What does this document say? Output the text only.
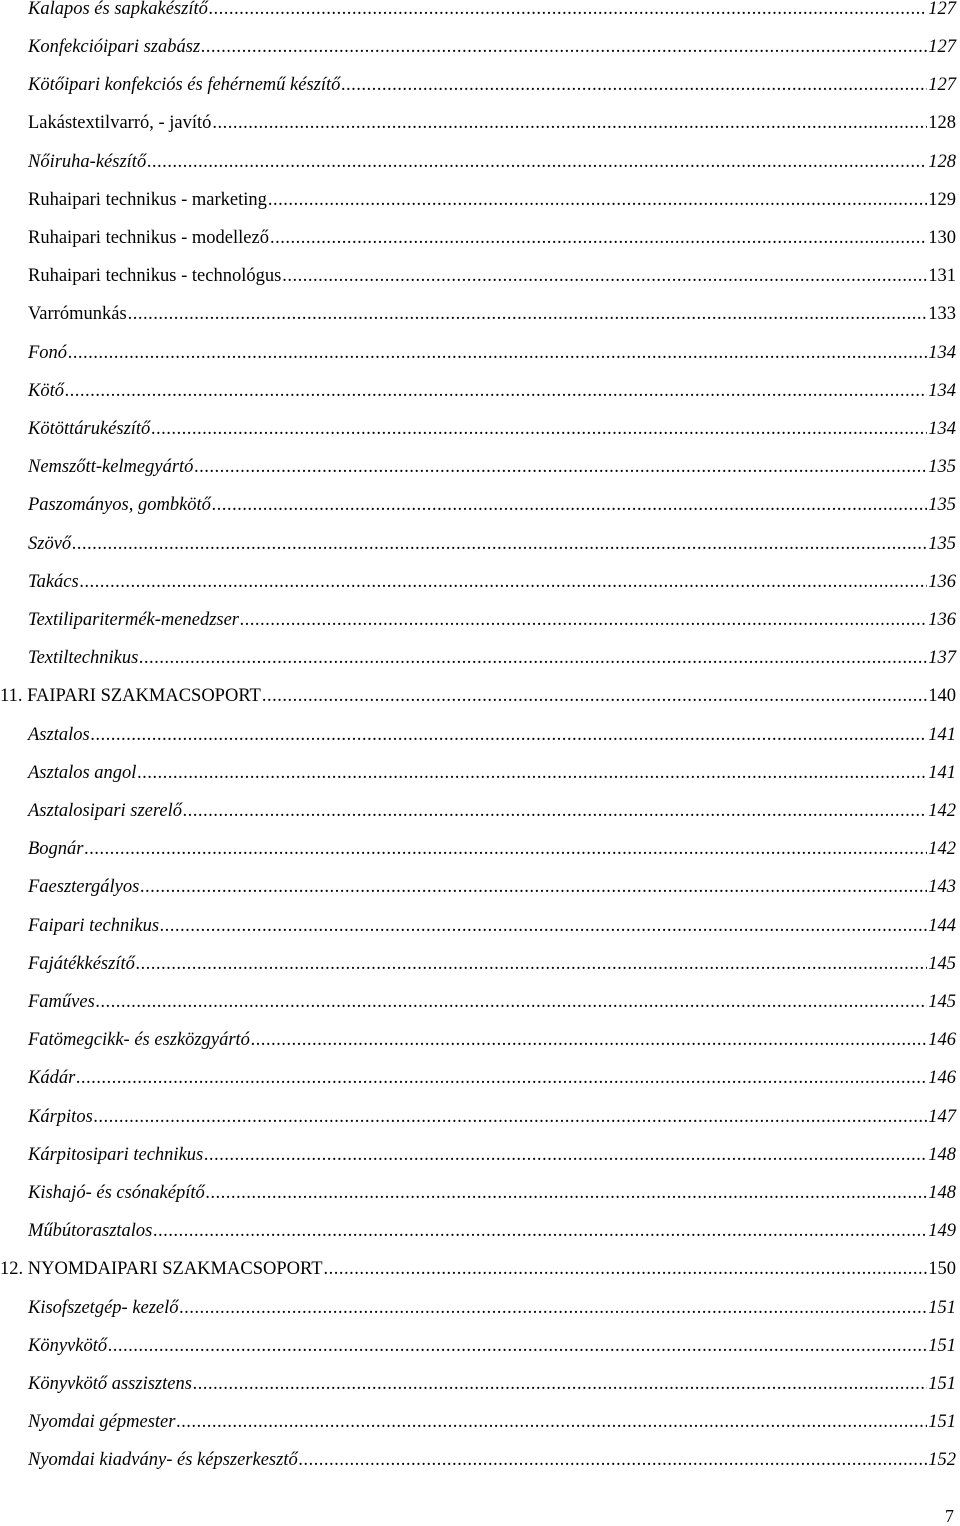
Kalapos és sapkakészítő .....	127
Konfekcióipari szabász .....	127
Kötőipari konfekciós és fehérnemű készítő .....	127
Lakástextilvarró, - javító .....	128
Nőiruha-készítő .....	128
Ruhaipari technikus - marketing .....	129
Ruhaipari technikus - modellező .....	130
Ruhaipari technikus - technológus .....	131
Varrómunkás .....	133
Fonó .....	134
Kötő .....	134
Kötöttárukészítő .....	134
Nemszőtt-kelmegyártó .....	135
Paszományos, gombkötő .....	135
Szövő .....	135
Takács .....	136
Textiliparitermék-menedzser .....	136
Textiltechnikus .....	137
11. FAIPARI SZAKMACSOPORT .....	140
Asztalos .....	141
Asztalos angol .....	141
Asztalosipari szerelő .....	142
Bognár .....	142
Faesztergályos .....	143
Faipari technikus .....	144
Fajátékkészítő .....	145
Faműves .....	145
Fatömegcikk- és eszközgyártó .....	146
Kádár .....	146
Kárpitos .....	147
Kárpitosipari technikus .....	148
Kishajó- és csónaképítő .....	148
Műbútorasztalos .....	149
12. NYOMDAIPARI SZAKMACSOPORT .....	150
Kisofszetgép- kezelő .....	151
Könyvkötő .....	151
Könyvkötő asszisztens .....	151
Nyomdai gépmester .....	151
Nyomdai kiadvány- és képszerkesztő .....	152
7
